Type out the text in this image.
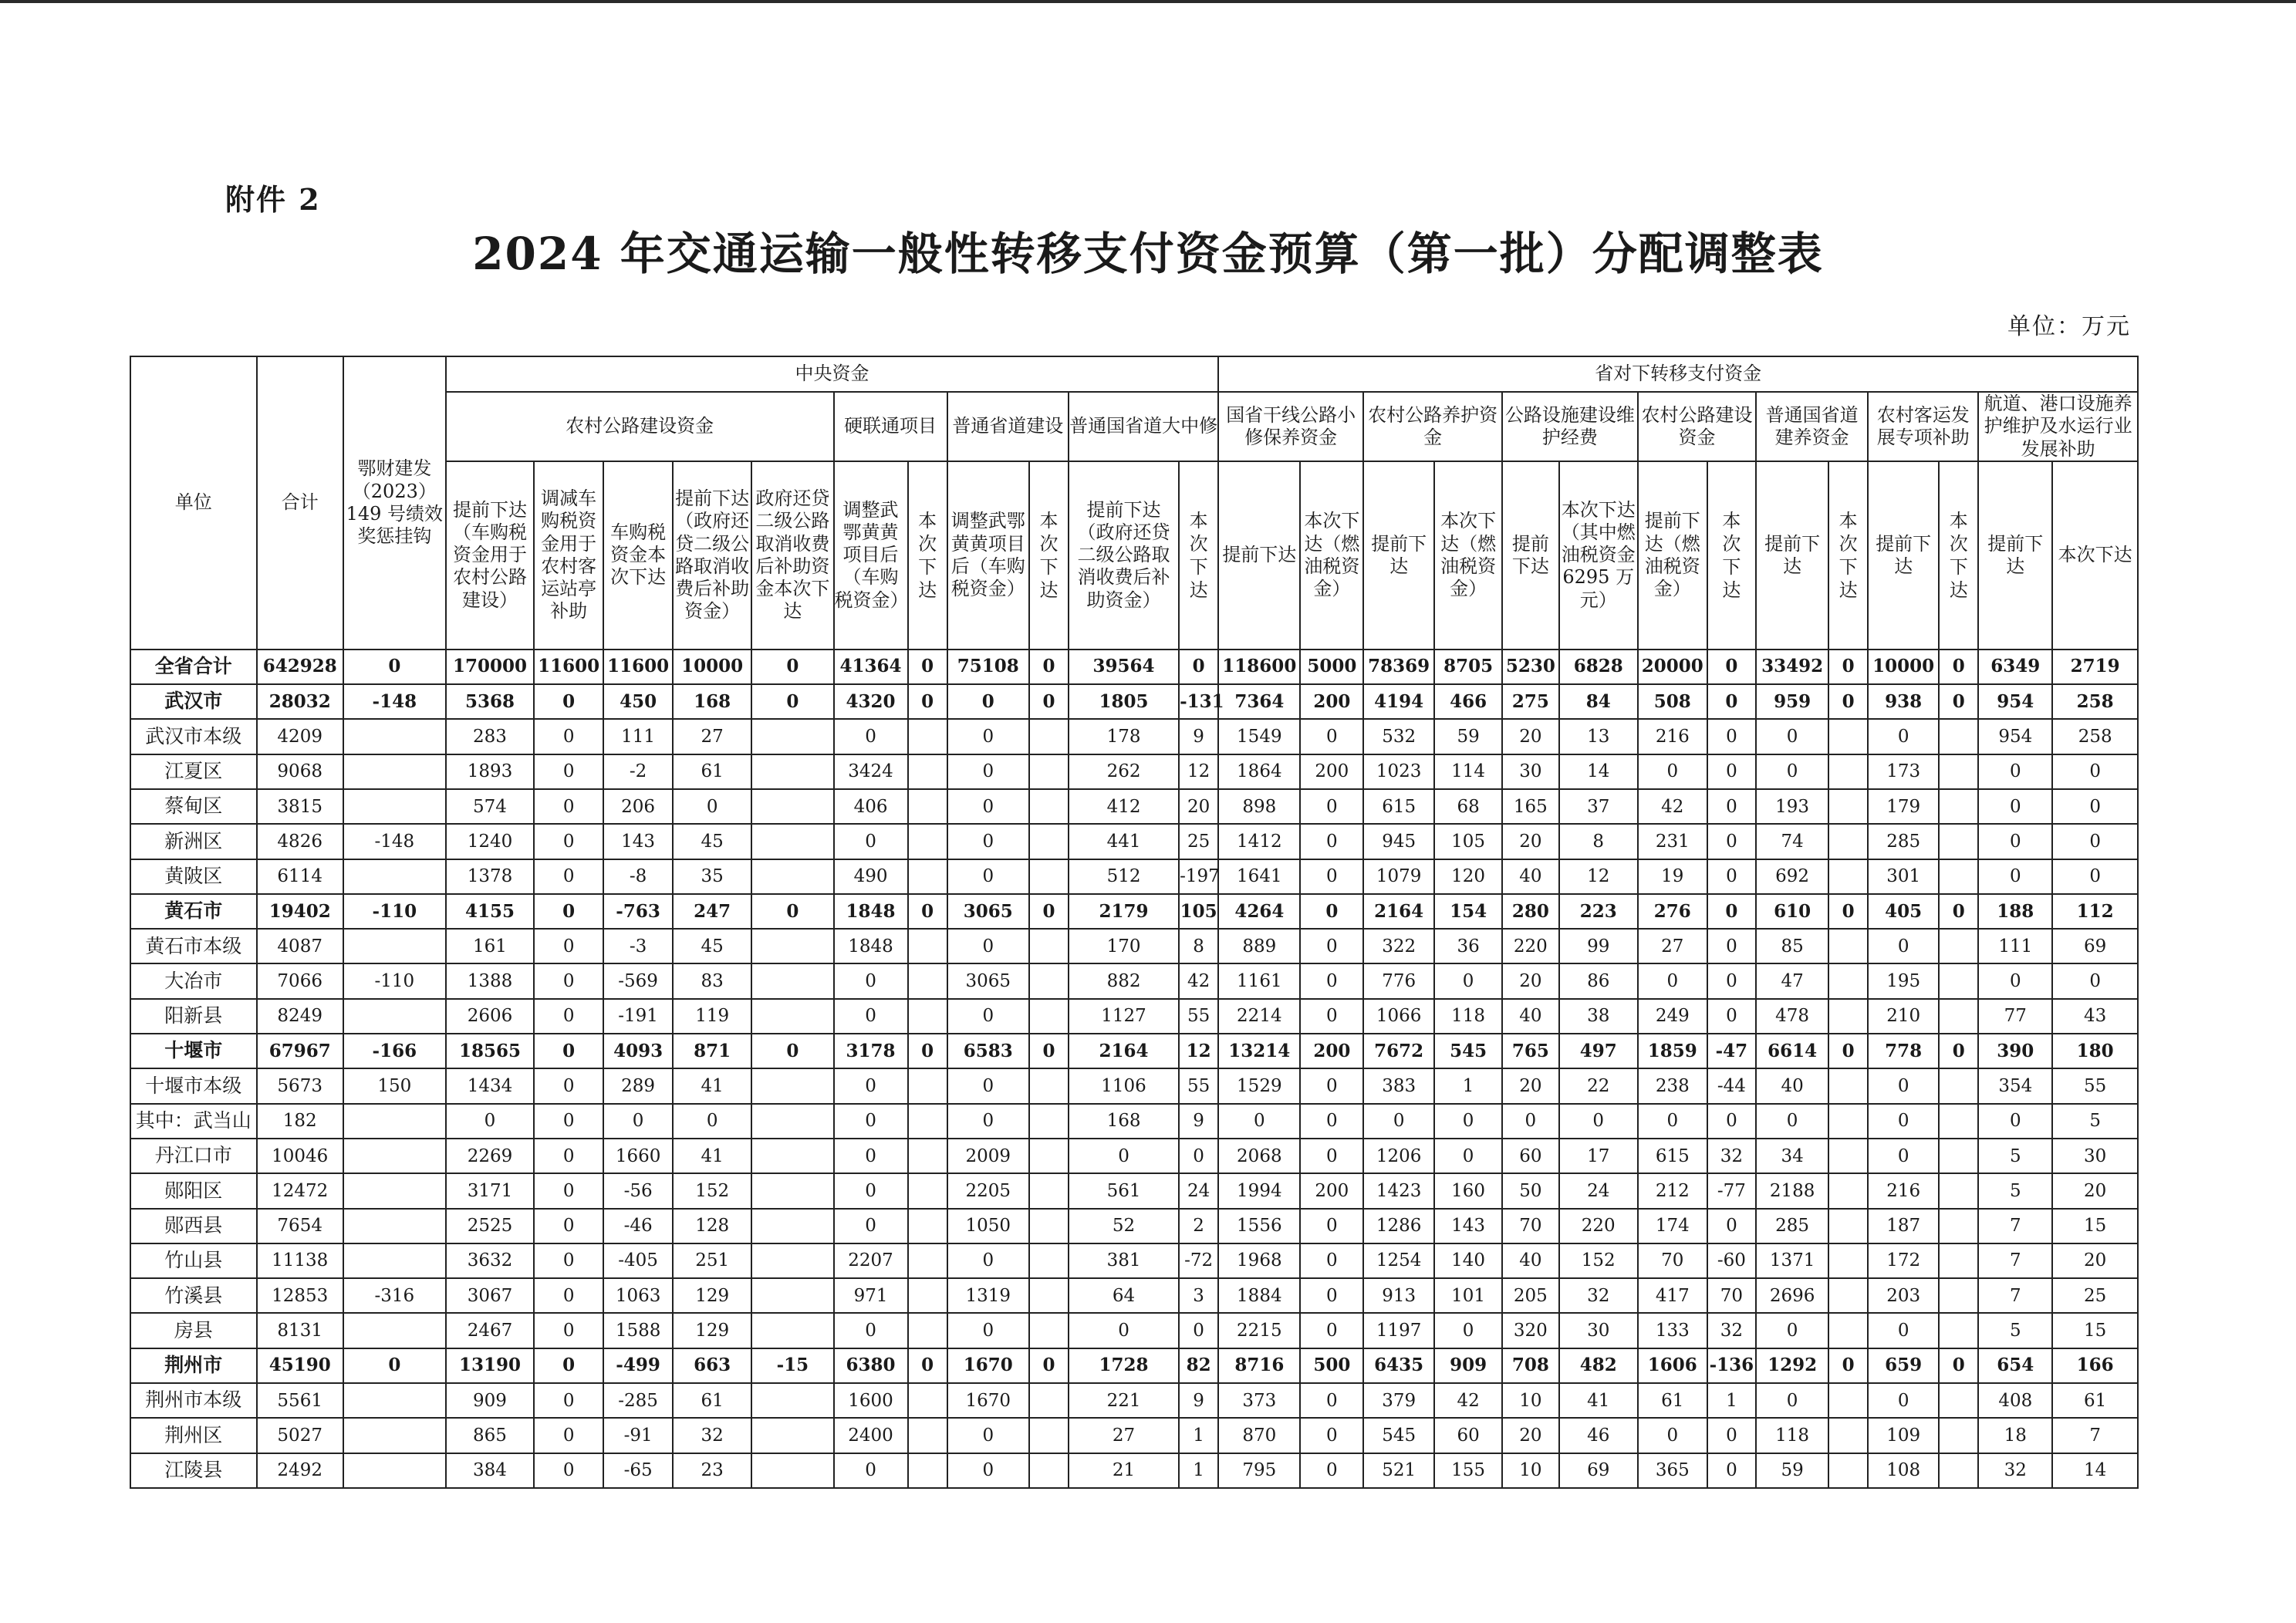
附件 2
2024 年交通运输一般性转移支付资金预算（第一批）分配调整表
单位：万元
单位	合计	鄂财建发（2023）149 号绩效奖惩挂钩	中央资金											省对下转移支付资金													
			农村公路建设资金					硬联通项目		普通省道建设		普通国省道大中修		国省干线公路小修保养资金		农村公路养护资金		公路设施建设维护经费		农村公路建设资金		普通国省道建养资金		农村客运发展专项补助		航道、港口设施养护维护及水运行业发展补助	
			提前下达（车购税资金用于农村公路建设）	调减车购税资金用于农村客运站亭补助	车购税资金本次下达	提前下达（政府还贷二级公路取消收费后补助资金）	政府还贷二级公路取消收费后补助资金本次下达	调整武鄂黄黄项目后（车购税资金）	本次下达	调整武鄂黄黄项目后（车购税资金）	本次下达	提前下达（政府还贷二级公路取消收费后补助资金）	本次下达	提前下达	本次下达（燃油税资金）	提前下达	本次下达（燃油税资金）	提前下达	本次下达（其中燃油税资金 6295 万元）	提前下达（燃油税资金）	本次下达	提前下达	本次下达	提前下达	本次下达	提前下达	本次下达
全省合计	642928	0	170000	11600	11600	10000	0	41364	0	75108	0	39564	0	118600	5000	78369	8705	5230	6828	20000	0	33492	0	10000	0	6349	2719
武汉市	28032	-148	5368	0	450	168	0	4320	0	0	0	1805	-131	7364	200	4194	466	275	84	508	0	959	0	938	0	954	258
武汉市本级	4209		283	0	111	27		0		0		178	9	1549	0	532	59	20	13	216	0	0		0		954	258
江夏区	9068		1893	0	-2	61		3424		0		262	12	1864	200	1023	114	30	14	0	0	0		173		0	0
蔡甸区	3815		574	0	206	0		406		0		412	20	898	0	615	68	165	37	42	0	193		179		0	0
新洲区	4826	-148	1240	0	143	45		0		0		441	25	1412	0	945	105	20	8	231	0	74		285		0	0
黄陂区	6114		1378	0	-8	35		490		0		512	-197	1641	0	1079	120	40	12	19	0	692		301		0	0
黄石市	19402	-110	4155	0	-763	247	0	1848	0	3065	0	2179	105	4264	0	2164	154	280	223	276	0	610	0	405	0	188	112
黄石市本级	4087		161	0	-3	45		1848		0		170	8	889	0	322	36	220	99	27	0	85		0		111	69
大冶市	7066	-110	1388	0	-569	83		0		3065		882	42	1161	0	776	0	20	86	0	0	47		195		0	0
阳新县	8249		2606	0	-191	119		0		0		1127	55	2214	0	1066	118	40	38	249	0	478		210		77	43
十堰市	67967	-166	18565	0	4093	871	0	3178	0	6583	0	2164	12	13214	200	7672	545	765	497	1859	-47	6614	0	778	0	390	180
十堰市本级	5673	150	1434	0	289	41		0		0		1106	55	1529	0	383	1	20	22	238	-44	40		0		354	55
其中：武当山	182		0	0	0	0		0		0		168	9	0	0	0	0	0	0	0	0	0		0		0	5
丹江口市	10046		2269	0	1660	41		0		2009		0	0	2068	0	1206	0	60	17	615	32	34		0		5	30
郧阳区	12472		3171	0	-56	152		0		2205		561	24	1994	200	1423	160	50	24	212	-77	2188		216		5	20
郧西县	7654		2525	0	-46	128		0		1050		52	2	1556	0	1286	143	70	220	174	0	285		187		7	15
竹山县	11138		3632	0	-405	251		2207		0		381	-72	1968	0	1254	140	40	152	70	-60	1371		172		7	20
竹溪县	12853	-316	3067	0	1063	129		971		1319		64	3	1884	0	913	101	205	32	417	70	2696		203		7	25
房县	8131		2467	0	1588	129		0		0		0	0	2215	0	1197	0	320	30	133	32	0		0		5	15
荆州市	45190	0	13190	0	-499	663	-15	6380	0	1670	0	1728	82	8716	500	6435	909	708	482	1606	-136	1292	0	659	0	654	166
荆州市本级	5561		909	0	-285	61		1600		1670		221	9	373	0	379	42	10	41	61	1	0		0		408	61
荆州区	5027		865	0	-91	32		2400		0		27	1	870	0	545	60	20	46	0	0	118		109		18	7
江陵县	2492		384	0	-65	23		0		0		21	1	795	0	521	155	10	69	365	0	59		108		32	14
